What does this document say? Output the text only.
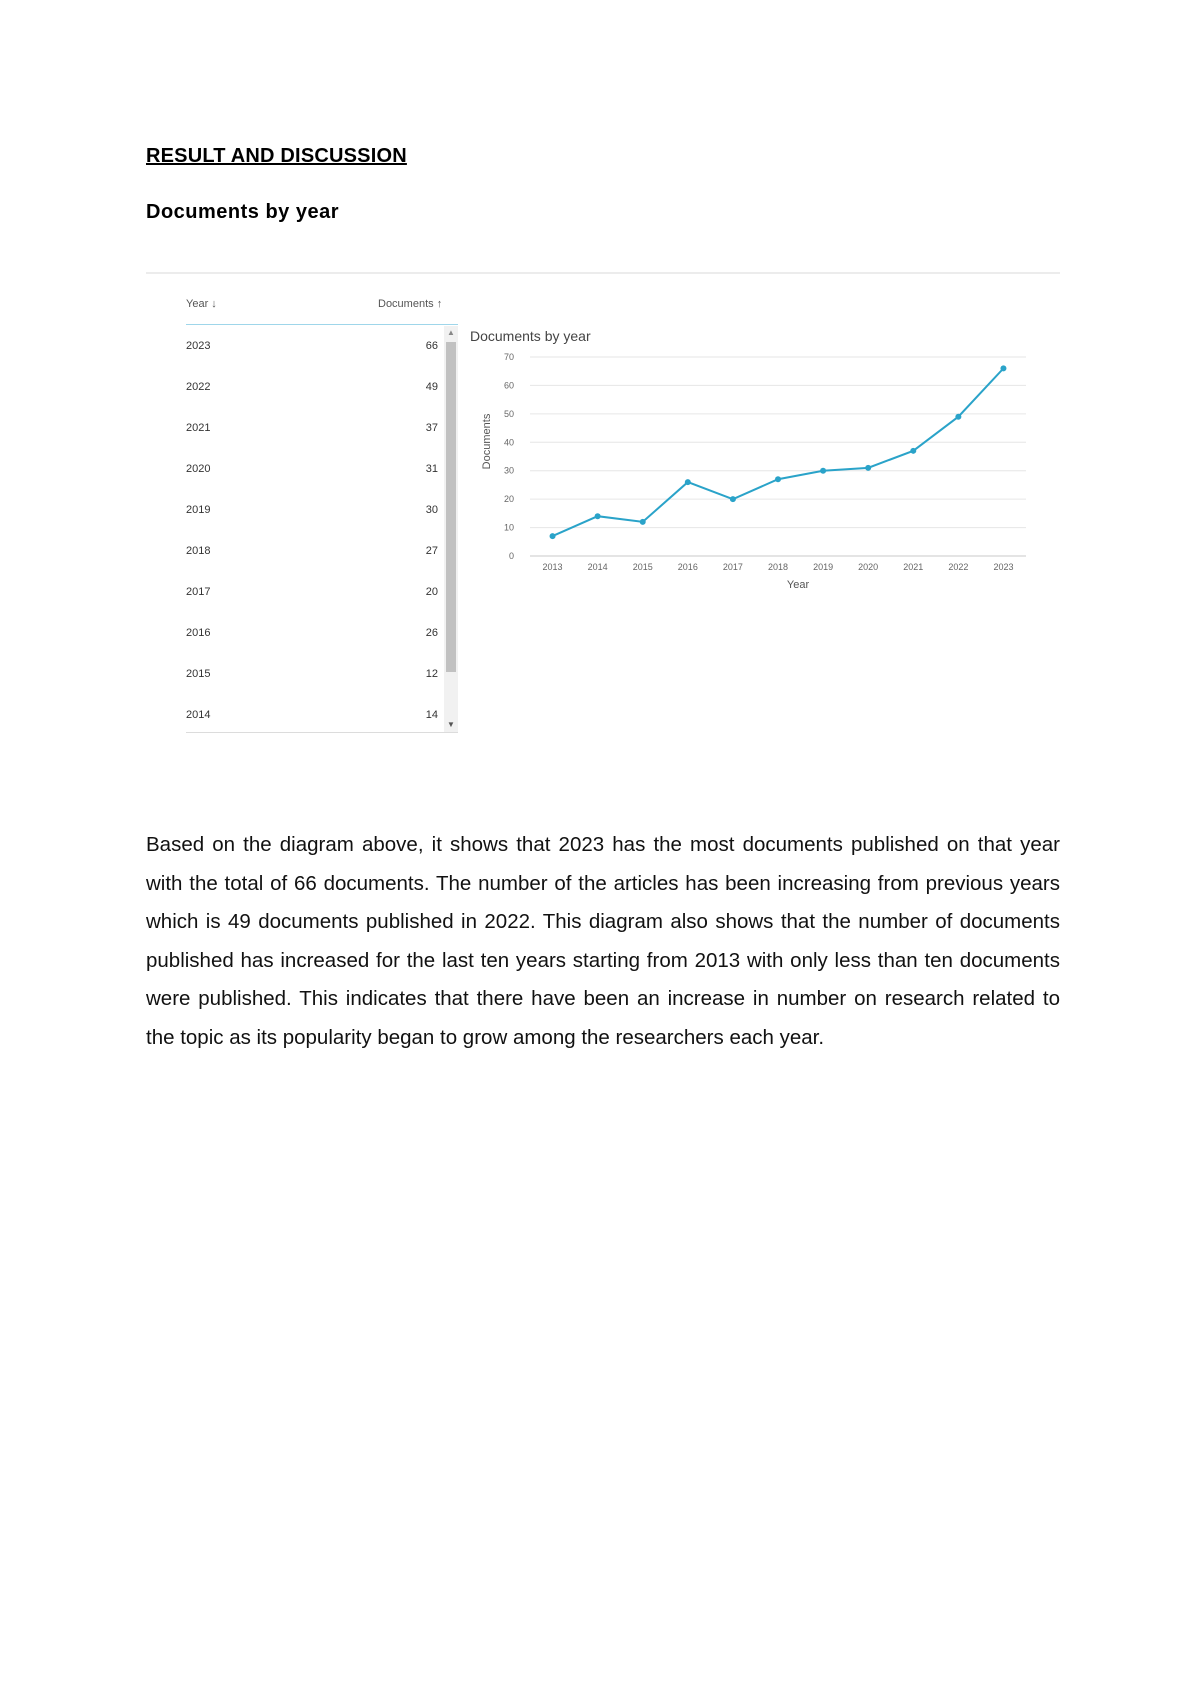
RESULT AND DISCUSSION
Documents by year
Year ↓	Documents ↑
2023	66
2022	49
2021	37
2020	31
2019	30
2018	27
2017	20
2016	26
2015	12
2014	14
▲
▼
Documents by year
0
10
20
30
40
50
60
70
2013	2014	2015	2016	2017	2018	2019	2020	2021	2022	2023
Year
Documents
Based on the diagram above, it shows that 2023 has the most documents published on that year with the total of 66 documents. The number of the articles has been increasing from previous years which is 49 documents published in 2022. This diagram also shows that the number of documents published has increased for the last ten years starting from 2013 with only less than ten documents were published. This indicates that there have been an increase in number on research related to the topic as its popularity began to grow among the researchers each year.
